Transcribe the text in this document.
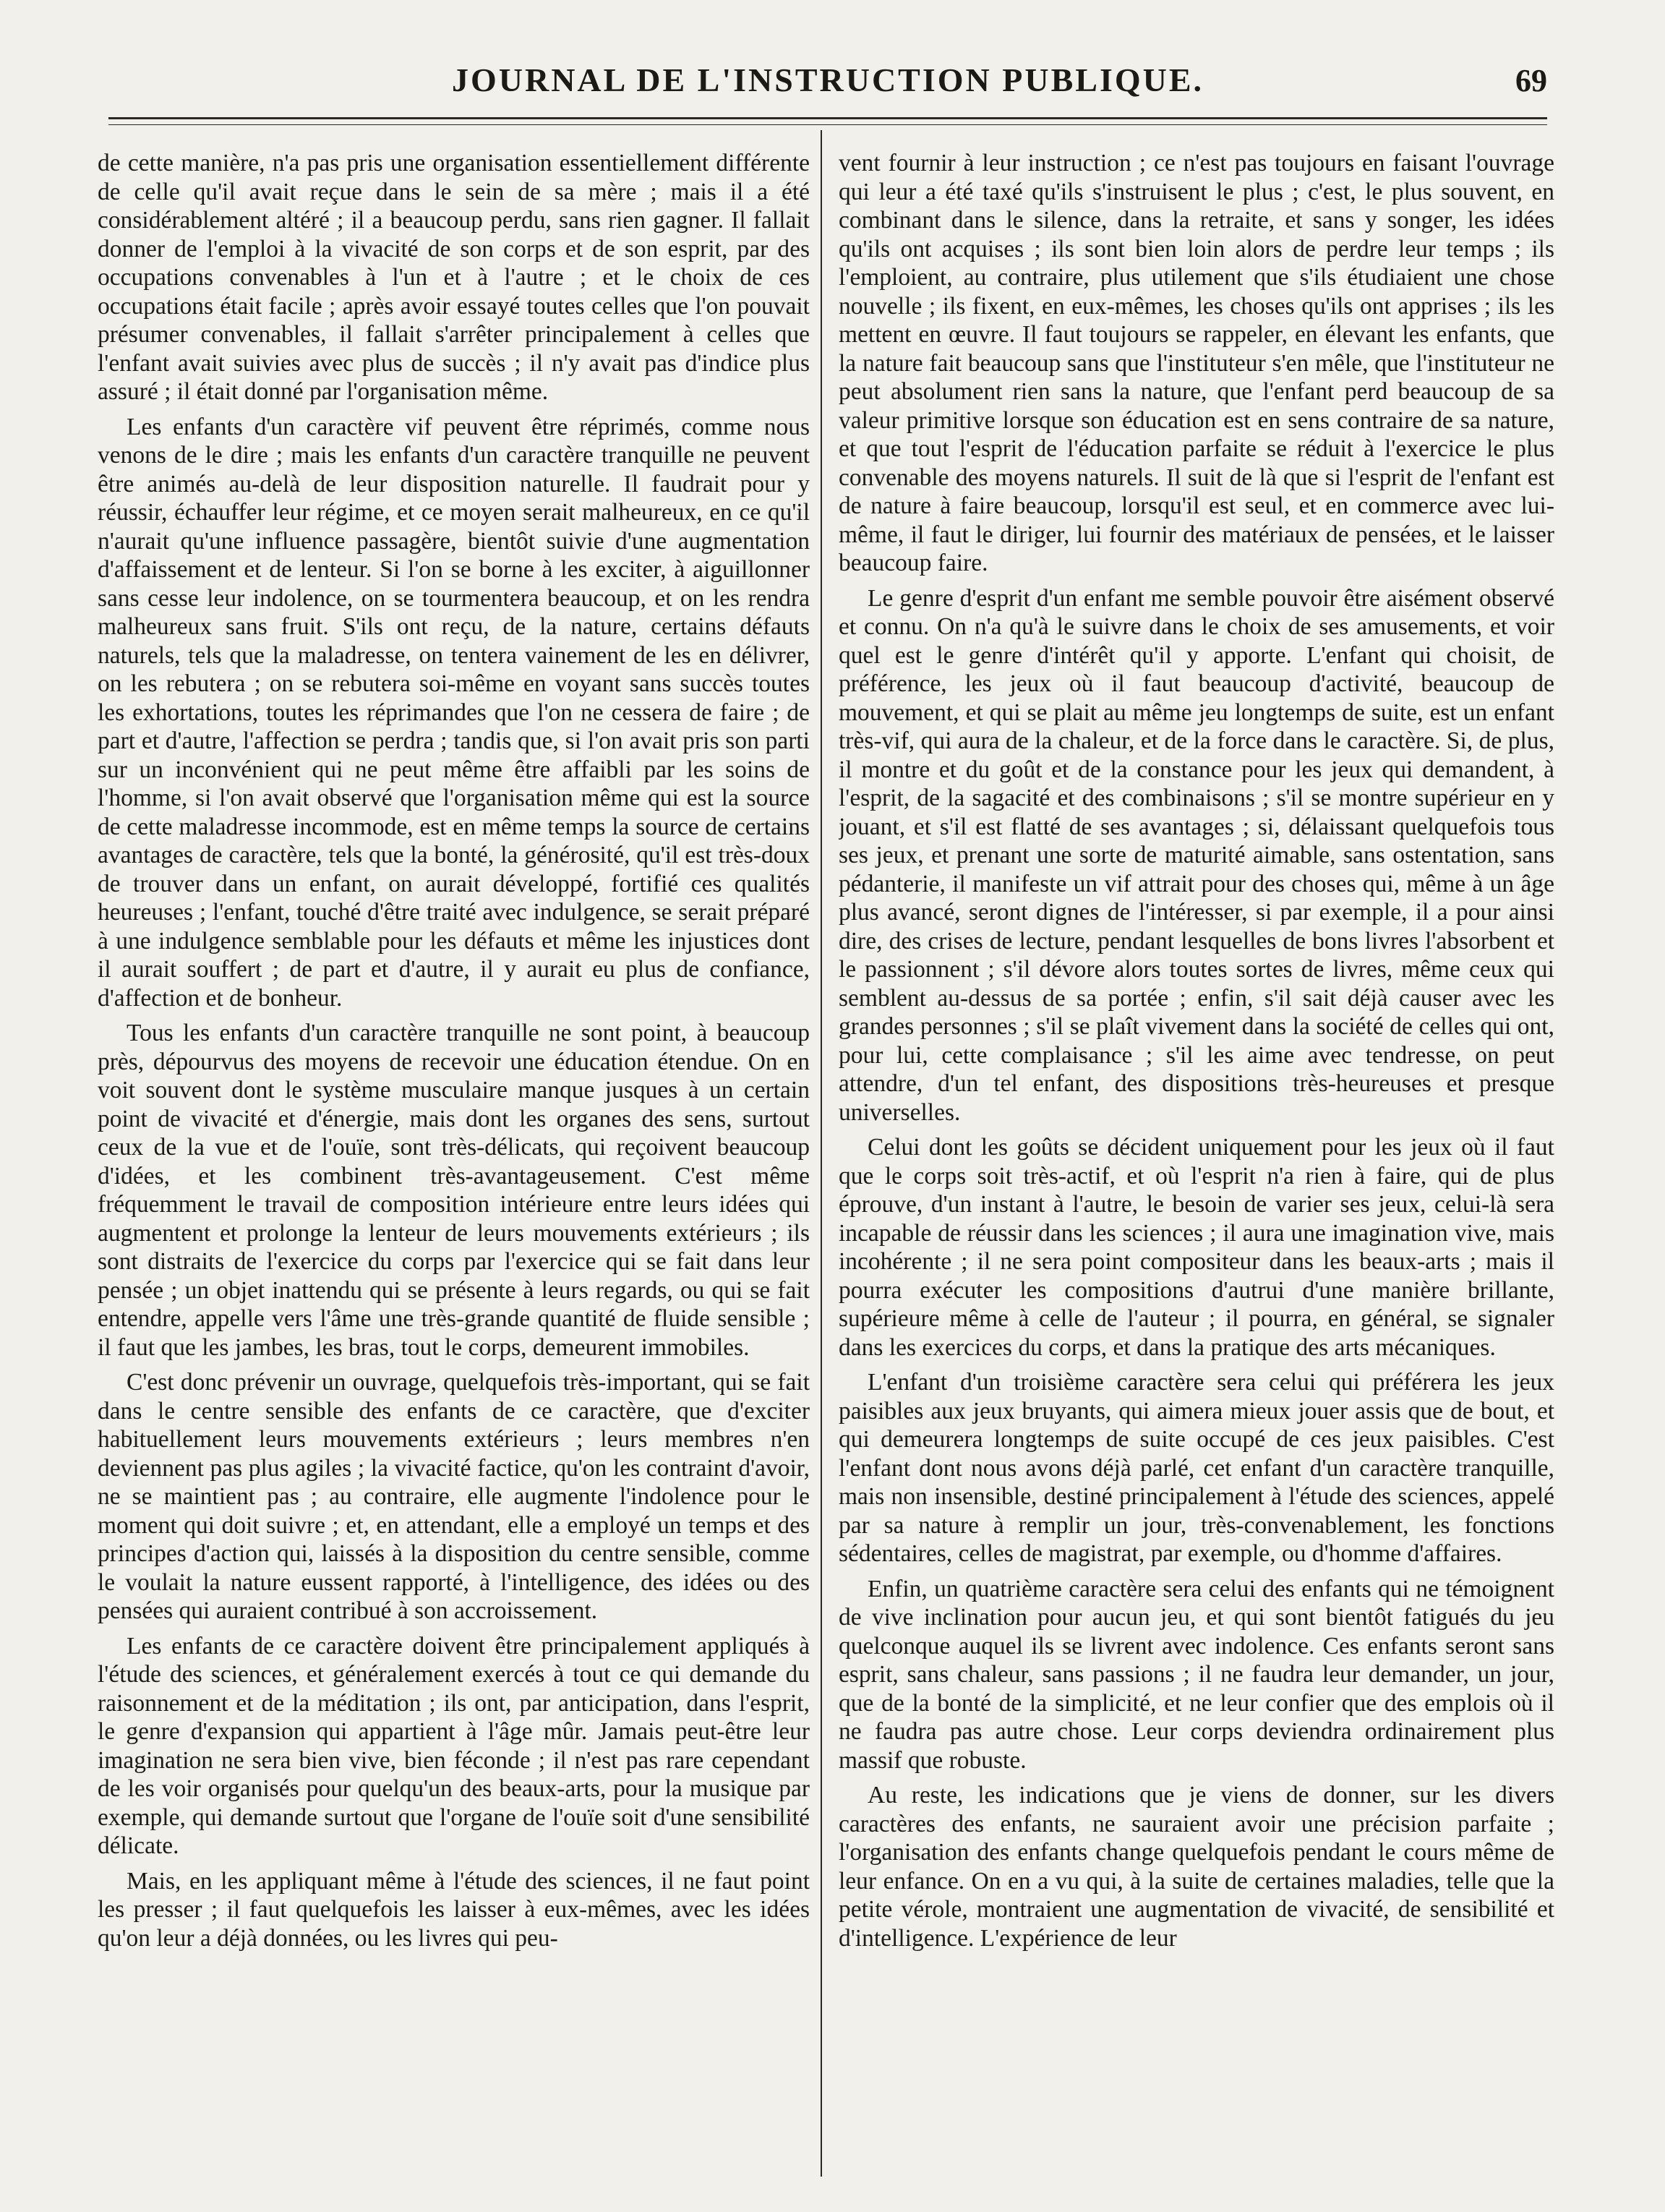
JOURNAL DE L'INSTRUCTION PUBLIQUE.	69

de cette manière, n'a pas pris une organisation essentiellement différente de celle qu'il avait reçue dans le sein de sa mère ; mais il a été considérablement altéré ; il a beaucoup perdu, sans rien gagner. Il fallait donner de l'emploi à la vivacité de son corps et de son esprit, par des occupations convenables à l'un et à l'autre ; et le choix de ces occupations était facile ; après avoir essayé toutes celles que l'on pouvait présumer convenables, il fallait s'arrêter principalement à celles que l'enfant avait suivies avec plus de succès ; il n'y avait pas d'indice plus assuré ; il était donné par l'organisation même.

Les enfants d'un caractère vif peuvent être réprimés, comme nous venons de le dire ; mais les enfants d'un caractère tranquille ne peuvent être animés au-delà de leur disposition naturelle. Il faudrait pour y réussir, échauffer leur régime, et ce moyen serait malheureux, en ce qu'il n'aurait qu'une influence passagère, bientôt suivie d'une augmentation d'affaissement et de lenteur. Si l'on se borne à les exciter, à aiguillonner sans cesse leur indolence, on se tourmentera beaucoup, et on les rendra malheureux sans fruit. S'ils ont reçu, de la nature, certains défauts naturels, tels que la maladresse, on tentera vainement de les en délivrer, on les rebutera ; on se rebutera soi-même en voyant sans succès toutes les exhortations, toutes les réprimandes que l'on ne cessera de faire ; de part et d'autre, l'affection se perdra ; tandis que, si l'on avait pris son parti sur un inconvénient qui ne peut même être affaibli par les soins de l'homme, si l'on avait observé que l'organisation même qui est la source de cette maladresse incommode, est en même temps la source de certains avantages de caractère, tels que la bonté, la générosité, qu'il est très-doux de trouver dans un enfant, on aurait développé, fortifié ces qualités heureuses ; l'enfant, touché d'être traité avec indulgence, se serait préparé à une indulgence semblable pour les défauts et même les injustices dont il aurait souffert ; de part et d'autre, il y aurait eu plus de confiance, d'affection et de bonheur.

Tous les enfants d'un caractère tranquille ne sont point, à beaucoup près, dépourvus des moyens de recevoir une éducation étendue. On en voit souvent dont le système musculaire manque jusques à un certain point de vivacité et d'énergie, mais dont les organes des sens, surtout ceux de la vue et de l'ouïe, sont très-délicats, qui reçoivent beaucoup d'idées, et les combinent très-avantageusement. C'est même fréquemment le travail de composition intérieure entre leurs idées qui augmentent et prolonge la lenteur de leurs mouvements extérieurs ; ils sont distraits de l'exercice du corps par l'exercice qui se fait dans leur pensée ; un objet inattendu qui se présente à leurs regards, ou qui se fait entendre, appelle vers l'âme une très-grande quantité de fluide sensible ; il faut que les jambes, les bras, tout le corps, demeurent immobiles.

C'est donc prévenir un ouvrage, quelquefois très-important, qui se fait dans le centre sensible des enfants de ce caractère, que d'exciter habituellement leurs mouvements extérieurs ; leurs membres n'en deviennent pas plus agiles ; la vivacité factice, qu'on les contraint d'avoir, ne se maintient pas ; au contraire, elle augmente l'indolence pour le moment qui doit suivre ; et, en attendant, elle a employé un temps et des principes d'action qui, laissés à la disposition du centre sensible, comme le voulait la nature eussent rapporté, à l'intelligence, des idées ou des pensées qui auraient contribué à son accroissement.

Les enfants de ce caractère doivent être principalement appliqués à l'étude des sciences, et généralement exercés à tout ce qui demande du raisonnement et de la méditation ; ils ont, par anticipation, dans l'esprit, le genre d'expansion qui appartient à l'âge mûr. Jamais peut-être leur imagination ne sera bien vive, bien féconde ; il n'est pas rare cependant de les voir organisés pour quelqu'un des beaux-arts, pour la musique par exemple, qui demande surtout que l'organe de l'ouïe soit d'une sensibilité délicate.

Mais, en les appliquant même à l'étude des sciences, il ne faut point les presser ; il faut quelquefois les laisser à eux-mêmes, avec les idées qu'on leur a déjà données, ou les livres qui peu-

vent fournir à leur instruction ; ce n'est pas toujours en faisant l'ouvrage qui leur a été taxé qu'ils s'instruisent le plus ; c'est, le plus souvent, en combinant dans le silence, dans la retraite, et sans y songer, les idées qu'ils ont acquises ; ils sont bien loin alors de perdre leur temps ; ils l'emploient, au contraire, plus utilement que s'ils étudiaient une chose nouvelle ; ils fixent, en eux-mêmes, les choses qu'ils ont apprises ; ils les mettent en œuvre. Il faut toujours se rappeler, en élevant les enfants, que la nature fait beaucoup sans que l'instituteur s'en mêle, que l'instituteur ne peut absolument rien sans la nature, que l'enfant perd beaucoup de sa valeur primitive lorsque son éducation est en sens contraire de sa nature, et que tout l'esprit de l'éducation parfaite se réduit à l'exercice le plus convenable des moyens naturels. Il suit de là que si l'esprit de l'enfant est de nature à faire beaucoup, lorsqu'il est seul, et en commerce avec lui-même, il faut le diriger, lui fournir des matériaux de pensées, et le laisser beaucoup faire.

Le genre d'esprit d'un enfant me semble pouvoir être aisément observé et connu. On n'a qu'à le suivre dans le choix de ses amusements, et voir quel est le genre d'intérêt qu'il y apporte. L'enfant qui choisit, de préférence, les jeux où il faut beaucoup d'activité, beaucoup de mouvement, et qui se plait au même jeu longtemps de suite, est un enfant très-vif, qui aura de la chaleur, et de la force dans le caractère. Si, de plus, il montre et du goût et de la constance pour les jeux qui demandent, à l'esprit, de la sagacité et des combinaisons ; s'il se montre supérieur en y jouant, et s'il est flatté de ses avantages ; si, délaissant quelquefois tous ses jeux, et prenant une sorte de maturité aimable, sans ostentation, sans pédanterie, il manifeste un vif attrait pour des choses qui, même à un âge plus avancé, seront dignes de l'intéresser, si par exemple, il a pour ainsi dire, des crises de lecture, pendant lesquelles de bons livres l'absorbent et le passionnent ; s'il dévore alors toutes sortes de livres, même ceux qui semblent au-dessus de sa portée ; enfin, s'il sait déjà causer avec les grandes personnes ; s'il se plaît vivement dans la société de celles qui ont, pour lui, cette complaisance ; s'il les aime avec tendresse, on peut attendre, d'un tel enfant, des dispositions très-heureuses et presque universelles.

Celui dont les goûts se décident uniquement pour les jeux où il faut que le corps soit très-actif, et où l'esprit n'a rien à faire, qui de plus éprouve, d'un instant à l'autre, le besoin de varier ses jeux, celui-là sera incapable de réussir dans les sciences ; il aura une imagination vive, mais incohérente ; il ne sera point compositeur dans les beaux-arts ; mais il pourra exécuter les compositions d'autrui d'une manière brillante, supérieure même à celle de l'auteur ; il pourra, en général, se signaler dans les exercices du corps, et dans la pratique des arts mécaniques.

L'enfant d'un troisième caractère sera celui qui préférera les jeux paisibles aux jeux bruyants, qui aimera mieux jouer assis que de bout, et qui demeurera longtemps de suite occupé de ces jeux paisibles. C'est l'enfant dont nous avons déjà parlé, cet enfant d'un caractère tranquille, mais non insensible, destiné principalement à l'étude des sciences, appelé par sa nature à remplir un jour, très-convenablement, les fonctions sédentaires, celles de magistrat, par exemple, ou d'homme d'affaires.

Enfin, un quatrième caractère sera celui des enfants qui ne témoignent de vive inclination pour aucun jeu, et qui sont bientôt fatigués du jeu quelconque auquel ils se livrent avec indolence. Ces enfants seront sans esprit, sans chaleur, sans passions ; il ne faudra leur demander, un jour, que de la bonté de la simplicité, et ne leur confier que des emplois où il ne faudra pas autre chose. Leur corps deviendra ordinairement plus massif que robuste.

Au reste, les indications que je viens de donner, sur les divers caractères des enfants, ne sauraient avoir une précision parfaite ; l'organisation des enfants change quelquefois pendant le cours même de leur enfance. On en a vu qui, à la suite de certaines maladies, telle que la petite vérole, montraient une augmentation de vivacité, de sensibilité et d'intelligence. L'expérience de leur
